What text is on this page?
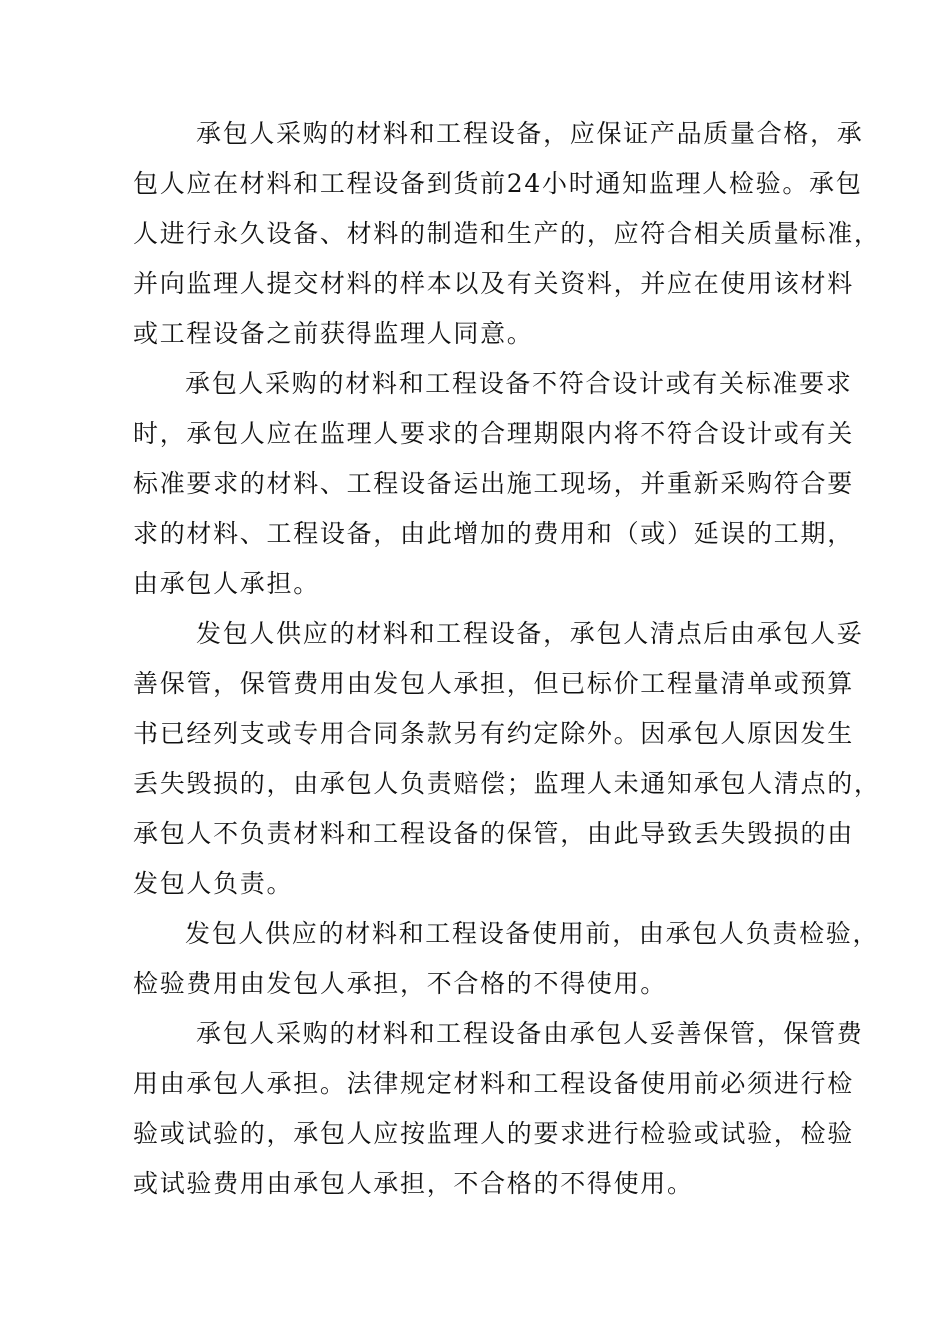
承包人采购的材料和工程设备，应保证产品质量合格，承

包人应在材料和工程设备到货前24小时通知监理人检验。承包

人进行永久设备、材料的制造和生产的，应符合相关质量标准，

并向监理人提交材料的样本以及有关资料，并应在使用该材料

或工程设备之前获得监理人同意。

承包人采购的材料和工程设备不符合设计或有关标准要求

时，承包人应在监理人要求的合理期限内将不符合设计或有关

标准要求的材料、工程设备运出施工现场，并重新采购符合要

求的材料、工程设备，由此增加的费用和（或）延误的工期，

由承包人承担。

发包人供应的材料和工程设备，承包人清点后由承包人妥

善保管，保管费用由发包人承担，但已标价工程量清单或预算

书已经列支或专用合同条款另有约定除外。因承包人原因发生

丢失毁损的，由承包人负责赔偿；监理人未通知承包人清点的，

承包人不负责材料和工程设备的保管，由此导致丢失毁损的由

发包人负责。

发包人供应的材料和工程设备使用前，由承包人负责检验，

检验费用由发包人承担，不合格的不得使用。

承包人采购的材料和工程设备由承包人妥善保管，保管费

用由承包人承担。法律规定材料和工程设备使用前必须进行检

验或试验的，承包人应按监理人的要求进行检验或试验，检验

或试验费用由承包人承担，不合格的不得使用。
